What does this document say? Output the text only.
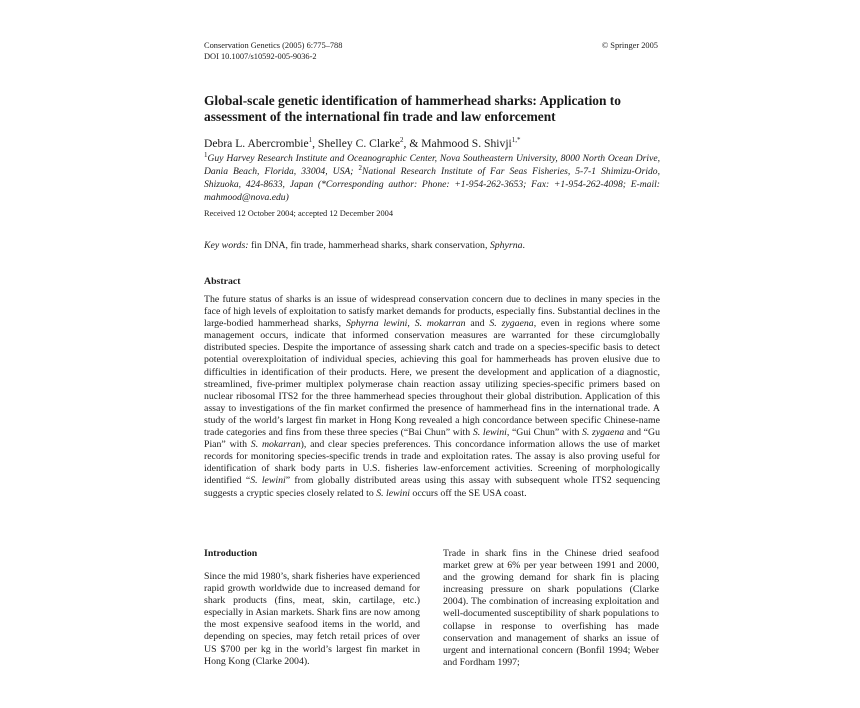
Conservation Genetics (2005) 6:775–788
DOI 10.1007/s10592-005-9036-2
© Springer 2005
Global-scale genetic identification of hammerhead sharks: Application to assessment of the international fin trade and law enforcement
Debra L. Abercrombie$^1$, Shelley C. Clarke$^2$, & Mahmood S. Shivji$^{1,*}$
$^1$Guy Harvey Research Institute and Oceanographic Center, Nova Southeastern University, 8000 North Ocean Drive, Dania Beach, Florida, 33004, USA; $^2$National Research Institute of Far Seas Fisheries, 5-7-1 Shimizu-Orido, Shizuoka, 424-8633, Japan (*Corresponding author: Phone: +1-954-262-3653; Fax: +1-954-262-4098; E-mail: mahmood@nova.edu)
Received 12 October 2004; accepted 12 December 2004
Key words: fin DNA, fin trade, hammerhead sharks, shark conservation, Sphyrna.
Abstract
The future status of sharks is an issue of widespread conservation concern due to declines in many species in the face of high levels of exploitation to satisfy market demands for products, especially fins. Substantial declines in the large-bodied hammerhead sharks, Sphyrna lewini, S. mokarran and S. zygaena, even in regions where some management occurs, indicate that informed conservation measures are warranted for these circumglobally distributed species. Despite the importance of assessing shark catch and trade on a species-specific basis to detect potential overexploitation of individual species, achieving this goal for hammerheads has proven elusive due to difficulties in identification of their products. Here, we present the development and application of a diagnostic, streamlined, five-primer multiplex polymerase chain reaction assay utilizing species-specific primers based on nuclear ribosomal ITS2 for the three hammerhead species throughout their global distribution. Application of this assay to investigations of the fin market confirmed the presence of hammerhead fins in the international trade. A study of the world’s largest fin market in Hong Kong revealed a high concordance between specific Chinese-name trade categories and fins from these three species (“Bai Chun” with S. lewini, “Gui Chun” with S. zygaena and “Gu Pian” with S. mokarran), and clear species preferences. This concordance information allows the use of market records for monitoring species-specific trends in trade and exploitation rates. The assay is also proving useful for identification of shark body parts in U.S. fisheries law-enforcement activities. Screening of morphologically identified “S. lewini” from globally distributed areas using this assay with subsequent whole ITS2 sequencing suggests a cryptic species closely related to S. lewini occurs off the SE USA coast.
Introduction
Since the mid 1980’s, shark fisheries have experienced rapid growth worldwide due to increased demand for shark products (fins, meat, skin, cartilage, etc.) especially in Asian markets. Shark fins are now among the most expensive seafood items in the world, and depending on species, may fetch retail prices of over US $700 per kg in the world’s largest fin market in Hong Kong (Clarke 2004).
Trade in shark fins in the Chinese dried seafood market grew at 6% per year between 1991 and 2000, and the growing demand for shark fin is placing increasing pressure on shark populations (Clarke 2004). The combination of increasing exploitation and well-documented susceptibility of shark populations to collapse in response to overfishing has made conservation and management of sharks an issue of urgent and international concern (Bonfil 1994; Weber and Fordham 1997;
